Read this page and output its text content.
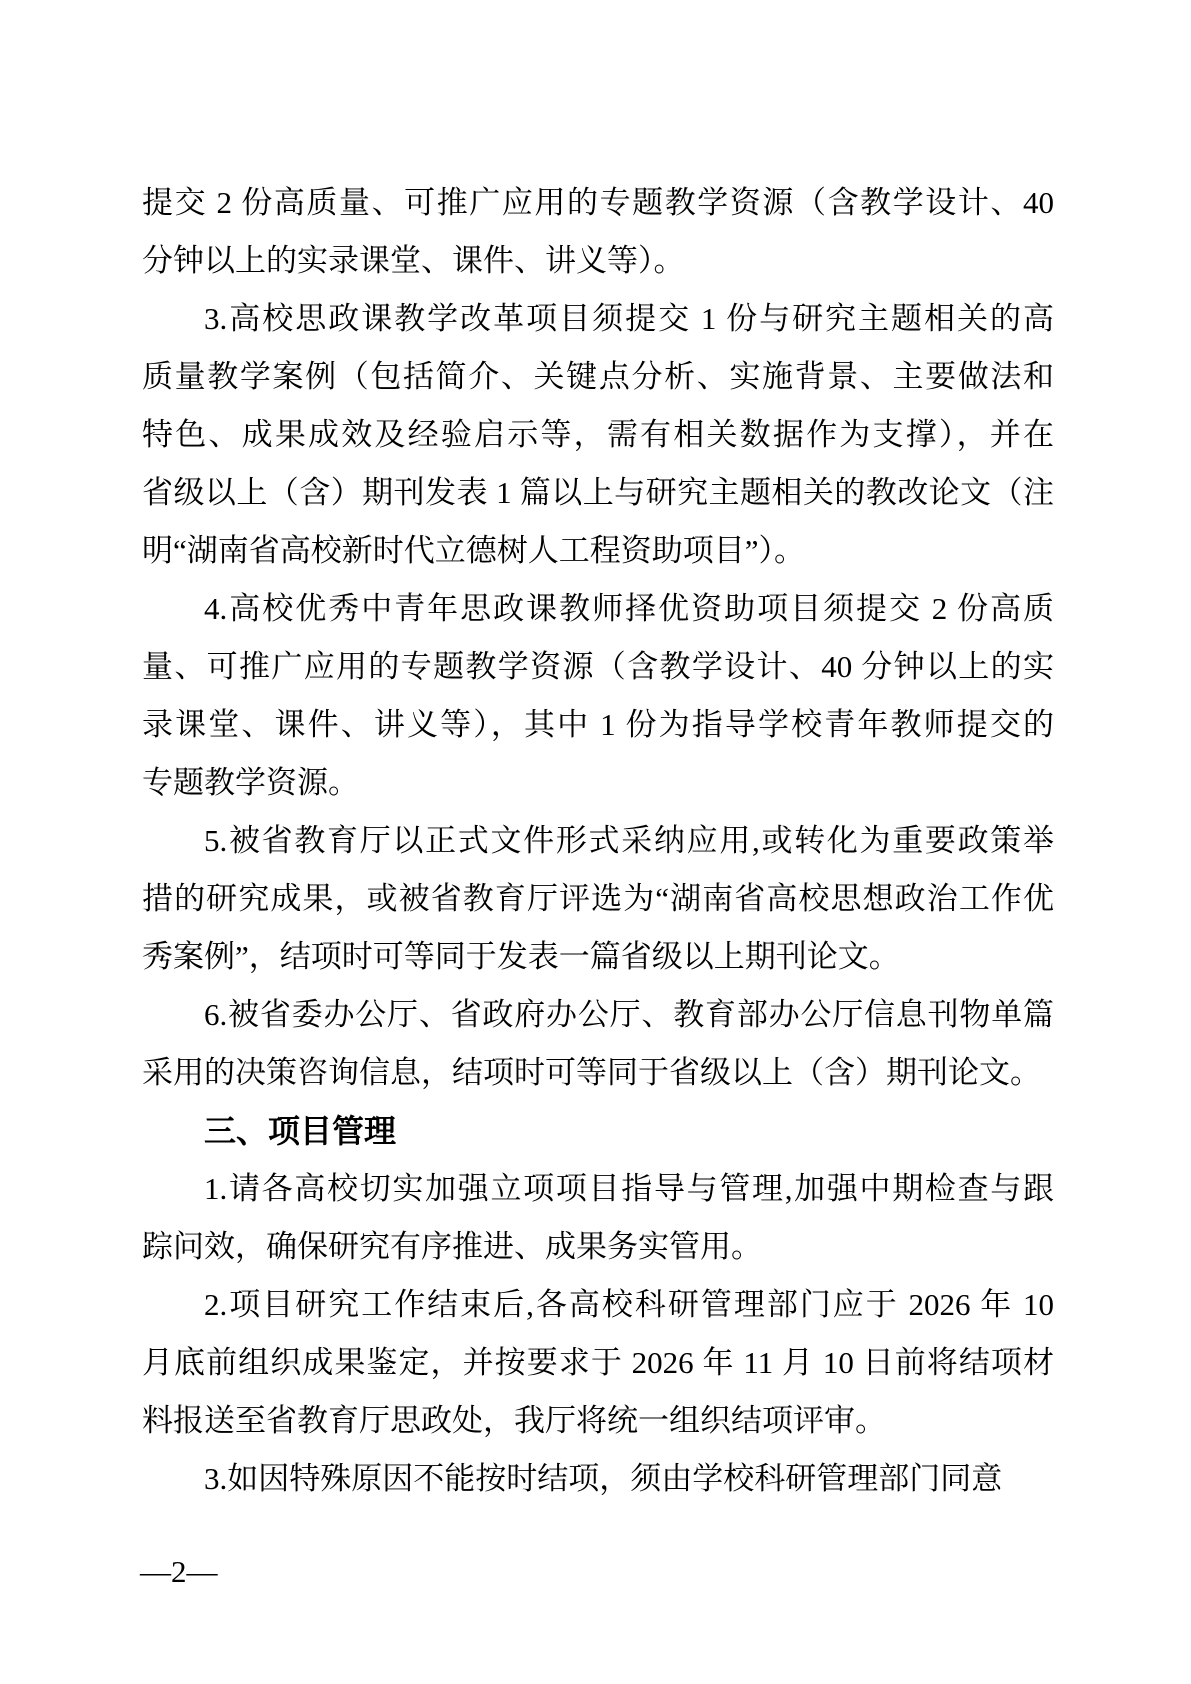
提交 2 份高质量、可推广应用的专题教学资源（含教学设计、40
分钟以上的实录课堂、课件、讲义等）。
3.高校思政课教学改革项目须提交 1 份与研究主题相关的高
质量教学案例（包括简介、关键点分析、实施背景、主要做法和
特色、成果成效及经验启示等，需有相关数据作为支撑），并在
省级以上（含）期刊发表 1 篇以上与研究主题相关的教改论文（注
明“湖南省高校新时代立德树人工程资助项目”）。
4.高校优秀中青年思政课教师择优资助项目须提交 2 份高质
量、可推广应用的专题教学资源（含教学设计、40 分钟以上的实
录课堂、课件、讲义等），其中 1 份为指导学校青年教师提交的
专题教学资源。
5.被省教育厅以正式文件形式采纳应用,或转化为重要政策举
措的研究成果，或被省教育厅评选为“湖南省高校思想政治工作优
秀案例”，结项时可等同于发表一篇省级以上期刊论文。
6.被省委办公厅、省政府办公厅、教育部办公厅信息刊物单篇
采用的决策咨询信息，结项时可等同于省级以上（含）期刊论文。
三、项目管理
1.请各高校切实加强立项项目指导与管理,加强中期检查与跟
踪问效，确保研究有序推进、成果务实管用。
2.项目研究工作结束后,各高校科研管理部门应于 2026 年 10
月底前组织成果鉴定，并按要求于 2026 年 11 月 10 日前将结项材
料报送至省教育厅思政处，我厅将统一组织结项评审。
3.如因特殊原因不能按时结项，须由学校科研管理部门同意
—2—
